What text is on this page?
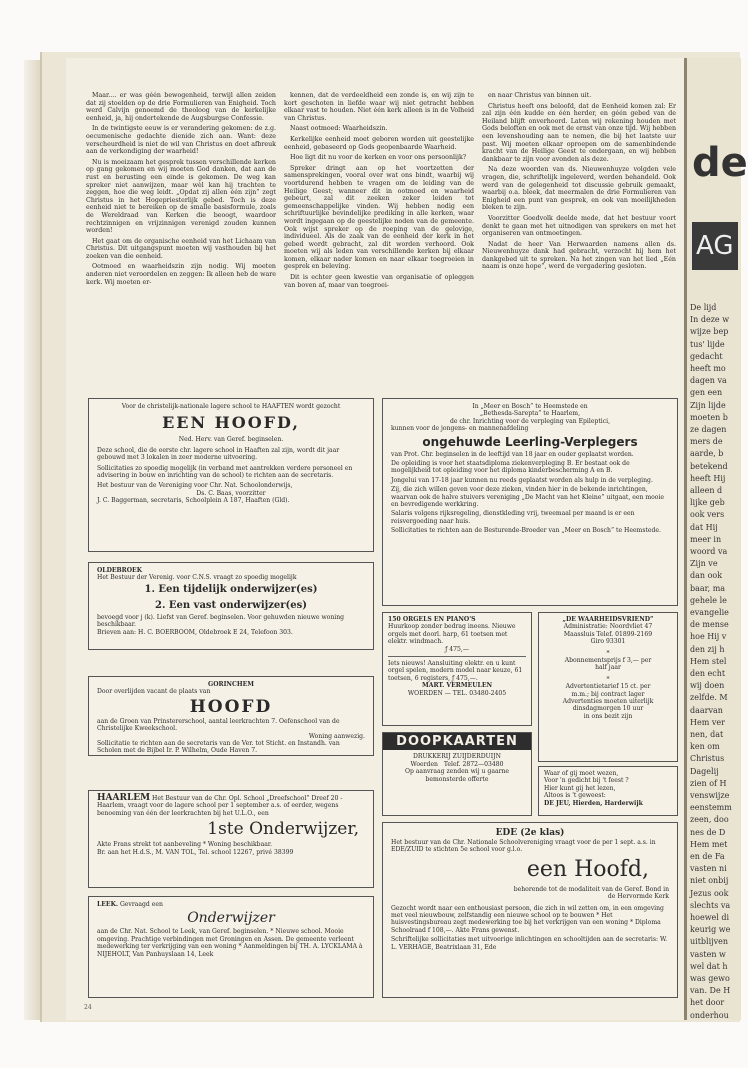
Maar.... er was géén bewogenheid, terwijl allen zeiden dat zij stoelden op de drie Formulieren van Enigheid. Toch werd Calvijn genoemd de theoloog van de kerkelijke eenheid, ja, hij ondertekende de Augsburgse Confessie.

In de twintigste eeuw is er verandering gekomen: de z.g. oecumenische gedachte dienide zich aan. Want: deze verscheurdheid is niet de wil van Christus en doet afbreuk aan de verkondiging der waarheid!

Nu is moeizaam het gesprek tussen verschillende kerken op gang gekomen en wij moeten God danken, dat aan de rust en berusting een einde is gekomen. De weg kan spreker niet aanwijzen, maar wèl kan hij trachten te zeggen, hoe die weg leidt. „Opdat zij allen één zijn” zegt Christus in het Hogepriesterlijk gebed. Toch is deze eenheid niet te bereiken op de smalle basisformule, zoals de Wereldraad van Kerken die beoogt, waardoor rechtzinnigen en vrijzinnigen verenigd zouden kunnen worden!

Het gaat om de organische eenheid van het Lichaam van Christus. Dit uitgangspunt moeten wij vasthouden bij het zoeken van die eenheid.

Ootmoed en waarheidszin zijn nodig. Wij moeten anderen niet veroordelen en zeggen: Ik alleen heb de ware kerk. Wij moeten er-

kennen, dat de verdeeldheid een zonde is, en wij zijn te kort geschoten in liefde waar wij niet getracht hebben elkaar vast te houden. Niet één kerk alleen is in de Volheid van Christus.

Naast ootmoed: Waarheidszin.

Kerkelijke eenheid moet geboren worden uit geestelijke eenheid, gebaseerd op Gods geopenbaarde Waarheid.

Hoe ligt dit nu voor de kerken en voor ons persoonlijk?

Spreker dringt aan op het voortzetten der samensprekingen, vooral over wat ons bindt, waarbij wij voortdurend hebben te vragen om de leiding van de Heilige Geest; wanneer dit in ootmoed en waarheid gebeurt, zal dit zeeken zeker leiden tot gemeenschappelijke vinden. Wij hebben nodig een schriftuurlijke bevindelijke prediking in alle kerken, waar wordt ingegaan op de geestelijke noden van de gemeente. Ook wijst spreker op de roeping van de gelovige, individueel. Als de zaak van de eenheid der kerk in het gebed wordt gebracht, zal dit worden verhoord. Ook moeten wij als leden van verschillende kerken bij elkaar komen, elkaar nader komen en naar elkaar toegroeien in gesprek en belevíng.

Dit is echter geen kwestie van organisatie of opleggen van boven af, maar van toegroei-

en naar Christus van binnen uit.

Christus heeft ons beloofd, dat de Eenheid komen zal: Er zal zijn één kudde en één herder, en géén gebed van de Heiland blijft onverhoord. Laten wij rekening houden met Gods beloften en ook met de ernst van onze tijd. Wij hebben een levenshouding aan te nemen, die bij het laatste uur past. Wij moeten elkaar oproepen om de samenbindende kracht van de Heilige Geest te ondergaan, en wij hebben dankbaar te zijn voor avonden als deze.

Na deze woorden van ds. Nieuwenhuyze volgden vele vragen, die, schriftelijk ingeleverd, werden behandeld. Ook werd van de gelegenheid tot discussie gebruik gemaakt, waarbij o.a. bleek, dat meermalen de drie Formulieren van Enigheid een punt van gesprek, en ook van moeilijkheden bleken te zijn.

Voorzitter Goedvolk deelde mede, dat het bestuur voort denkt te gaan met het uitnodigen van sprekers en met het organiseren van ontmoetingen.

Nadat de heer Van Herwaarden namens allen ds. Nieuwenhuyze dank had gebracht, verzocht hij hem het dankgebed uit te spreken. Na het zingen van het lied „Eén naam is onze hope”, werd de vergadering gesloten.

Voor de christelijk-nationale lagere school te HAAFTEN wordt gezocht
EEN HOOFD,
Ned. Herv. van Geref. beginselen.
Deze school, die de eerste chr. lagere school in Haaften zal zijn, wordt dit jaar gebouwd met 3 lokalen in zeer moderne uitvoering.
Sollicitaties zo spoedig mogelijk (in verband met aantrekken verdere personeel en advisering in bouw en inrichting van de school) te richten aan de secretaris.
Het bestuur van de Vereniging voor Chr. Nat. Schoolonderwijs,
Ds. C. Baas, voorzitter
J. C. Baggerman, secretaris, Schoolplein A 187, Haaften (Gld).
OLDEBROEK
Het Bestuur der Verenig. voor C.N.S. vraagt zo spoedig mogelijk
1. Een tijdelijk onderwijzer(es)
2. Een vast onderwijzer(es)
bevoegd voor j (k). Liefst van Geref. beginselen. Voor gehuwden nieuwe woning beschikbaar.
Brieven aan: H. C. BOERBOOM, Oldebroek E 24, Telefoon 303.
GORINCHEM
Door overlijden vacant de plaats van
HOOFD
aan de Groen van Prinstererschool, aantal leerkrachten 7. Oefenschool van de Christelijke Kweekschool.
Woning aanwezig.
Sollicitatie te richten aan de secretaris van de Ver. tot Sticht. en Instandh. van Scholen met de Bijbel Ir. P. Wilhelm, Oude Haven 7.
HAARLEM Het Bestuur van de Chr. Opl. School „Dreefschool” Dreef 20 - Haarlem, vraagt voor de lagere school per 1 september a.s. of eerder, wegens benoeming van één der leerkrachten bij het U.L.O., een
1ste Onderwijzer,
Akte Frans strekt tot aanbeveling * Woning beschikbaar.
Br. aan het H.d.S., M. VAN TOL, Tel. school 12267, privé 38399
LEEK. Gevraagd een
Onderwijzer
aan de Chr. Nat. School te Leek, van Geref. beginselen. * Nieuwe school. Mooie omgeving. Prachtige verbindingen met Groningen en Assen. De gemeente verleent medewerking ter verkrijging van een woning * Aanmeldingen bij TH. A. LYCKLAMA à NIJEHOLT, Van Panhuyslaan 14, Leek
In „Meer en Bosch” te Heemstede en
„Bethesda-Sarepta” te Haarlem,
de chr. Inrichting voor de verpleging van Epileptici,
kunnen voor de jongens- en mannenafdeling
ongehuwde Leerling-Verplegers
van Prot. Chr. beginselen in de leeftijd van 18 jaar en ouder geplaatst worden.
De opleiding is voor het staatsdiploma ziekenverpleging B. Er bestaat ook de mogelijkheid tot opleiding voor het diploma kinderbescherming A en B.
Jongelui van 17-18 jaar kunnen nu reeds geplaatst worden als hulp in de verpleging.
Zij, die zich willen geven voor deze zieken, vinden hier in de bekende inrichtingen, waarvan ook de halve stuivers vereniging „De Macht van het Kleine” uitgaat, een mooie en bevredigende werkkring.
Salaris volgens rijksregeling, dienstkleding vrij, tweemaal per maand is er een reisvergoeding naar huis.
Sollicitaties te richten aan de Besturende-Broeder van „Meer en Bosch” te Heemstede.
150 ORGELS EN PIANO'S
Huurkoop zonder bedrag ineens. Nieuwe orgels met doorl. harp, 61 toetsen met elektr. windmach.
ƒ 475,—
Iets nieuws! Aansluiting elektr. en u kunt orgel spelen, modern model naar keuze, 61 toetsen, 6 registers, ƒ 475,—.
MART. VERMEULEN
WOERDEN — TEL. 03480-2405
„DE WAARHEIDSVRIEND”
Administratie: Noordvliet 47
Maassluis Telef. 01899-2169
Giro 93301
*
Abonnementsprijs f 3,— per
half jaar
*
Advertentietarief 15 ct. per
m.m.; bij contract lager
Advertenties moeten uiterlijk dinsdagmorgen 10 uur
in ons bezit zijn
DOOPKAARTEN
DRUKKERIJ ZUIJDERDUIJN
Woerden Telef. 2872—03480
Op aanvraag zenden wij u gaarne
bemonsterde offerte
Waar of gij moet wezen,
Voor 'n gedicht bij 't feest ?
Hier kunt gij het lezen,
Altoos is 't geweest:
DE JEU, Hierden, Harderwijk
EDE (2e klas)
Het bestuur van de Chr. Nationale Schoolvereniging vraagt voor de per 1 sept. a.s. in EDE/ZUID te stichten 5e school voor g.l.o.
een Hoofd,
behorende tot de modaliteit van de Geref. Bond in de Hervormde Kerk
Gezocht wordt naar een enthousiast persoon, die zich in wil zetten om, in een omgeving met veel nieuwbouw, zelfstandig een nieuwe school op te bouwen * Het huisvestingsbureau zegt medewerking toe bij het verkrijgen van een woning * Diploma Schoolraad f 108,—. Akte Frans gewenst.
Schriftelijke sollicitaties met uitvoerige inlichtingen en schooltijden aan de secretaris: W. L. VERHAGE, Beatrixlaan 31, Ede
de
AG
De lijd
In deze w
wijze bep
tus' lijde
gedacht
heeft mo
dagen va
gen een
Zijn lijde
moeten b
ze dagen
mers de
aarde, b
betekend
heeft Hij
alleen d
lijke geb
ook vers
dat Hij
meer in
woord va
Zijn ve
dan ook
baar, ma
gehele le
evangelie
de mense
hoe Hij v
den zij h
Hem stel
den echt
wij doen
zelfde. M
daarvan
Hem ver
nen, dat
ken om
Christus
Dagelij
zien of H
venswijze
eenstemm
zeen, doo
nes de D
Hem met
en de Fa
vasten ni
niet onbij
Jezus ook
slechts va
hoewel di
keurig we
uitblijven
vasten w
wel dat h
was gewo
van. De H
het door
onderhou
24
